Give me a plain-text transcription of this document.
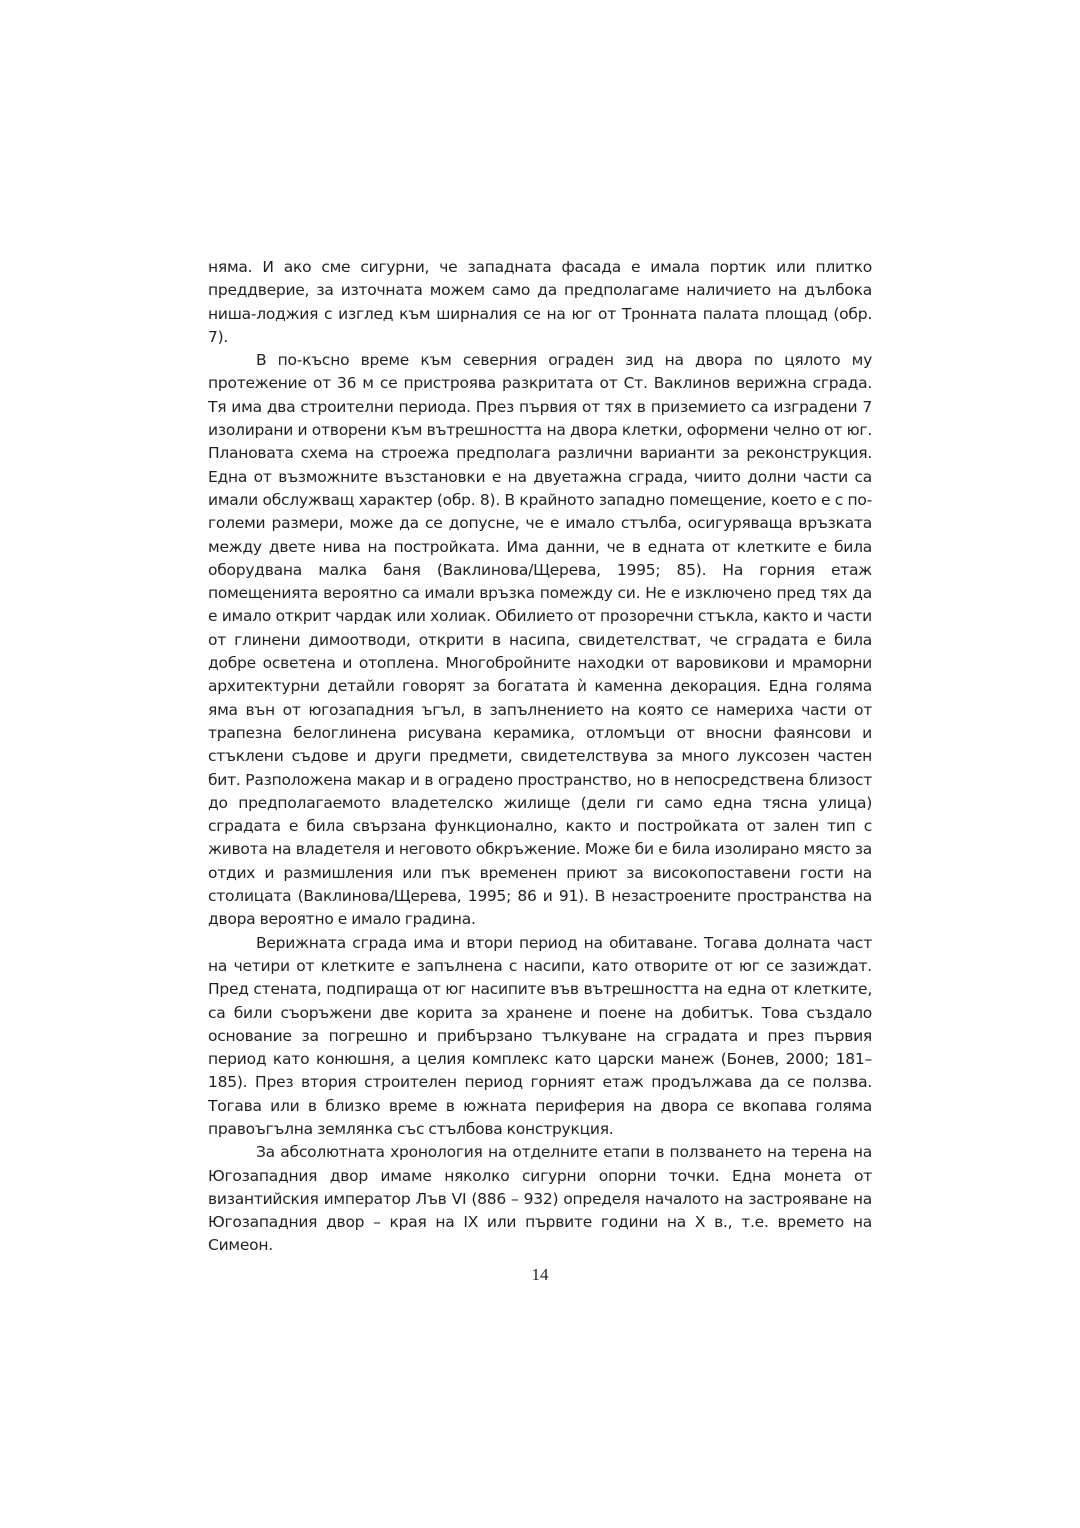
няма. И ако сме сигурни, че западната фасада е имала портик или плитко преддверие, за източната можем само да предполагаме наличието на дълбока ниша-лоджия с изглед към ширналия се на юг от Тронната палата площад (обр. 7).

В по-късно време към северния ограден зид на двора по цялото му протежение от 36 м се пристроява разкритата от Ст. Ваклинов верижна сграда. Тя има два строителни периода. През първия от тях в приземието са изградени 7 изолирани и отворени към вътрешността на двора клетки, оформени челно от юг. Плановата схема на строежа предполага различни варианти за реконструкция. Една от възможните възстановки е на двуетажна сграда, чиито долни части са имали обслужващ характер (обр. 8). В крайното западно помещение, което е с по-големи размери, може да се допусне, че е имало стълба, осигуряваща връзката между двете нива на постройката. Има данни, че в едната от клетките е била оборудвана малка баня (Ваклинова/Щерева, 1995; 85). На горния етаж помещенията вероятно са имали връзка помежду си. Не е изключено пред тях да е имало открит чардак или холиак. Обилието от прозоречни стъкла, както и части от глинени димоотводи, открити в насипа, свидетелстват, че сградата е била добре осветена и отоплена. Многобройните находки от варовикови и мраморни архитектурни детайли говорят за богатата ѝ каменна декорация. Една голяма яма вън от югозападния ъгъл, в запълнението на която се намериха части от трапезна белоглинена рисувана керамика, отломъци от вносни фаянсови и стъклени съдове и други предмети, свидетелствува за много луксозен частен бит. Разположена макар и в оградено пространство, но в непосредствена близост до предполагаемото владетелско жилище (дели ги само една тясна улица) сградата е била свързана функционално, както и постройката от зален тип с живота на владетеля и неговото обкръжение. Може би е била изолирано място за отдих и размишления или пък временен приют за високопоставени гости на столицата (Ваклинова/Щерева, 1995; 86 и 91). В незастроените пространства на двора вероятно е имало градина.

Верижната сграда има и втори период на обитаване. Тогава долната част на четири от клетките е запълнена с насипи, като отворите от юг се зазиждат. Пред стената, подпираща от юг насипите във вътрешността на една от клетките, са били съоръжени две корита за хранене и поене на добитък. Това създало основание за погрешно и прибързано тълкуване на сградата и през първия период като конюшня, а целия комплекс като царски манеж (Бонев, 2000; 181–185). През втория строителен период горният етаж продължава да се ползва. Тогава или в близко време в южната периферия на двора се вкопава голяма правоъгълна землянка със стълбова конструкция.

За абсолютната хронология на отделните етапи в ползването на терена на Югозападния двор имаме няколко сигурни опорни точки. Една монета от византийския император Лъв VI (886 – 932) определя началото на застрояване на Югозападния двор – края на IX или първите години на X в., т.е. времето на Симеон.

14
